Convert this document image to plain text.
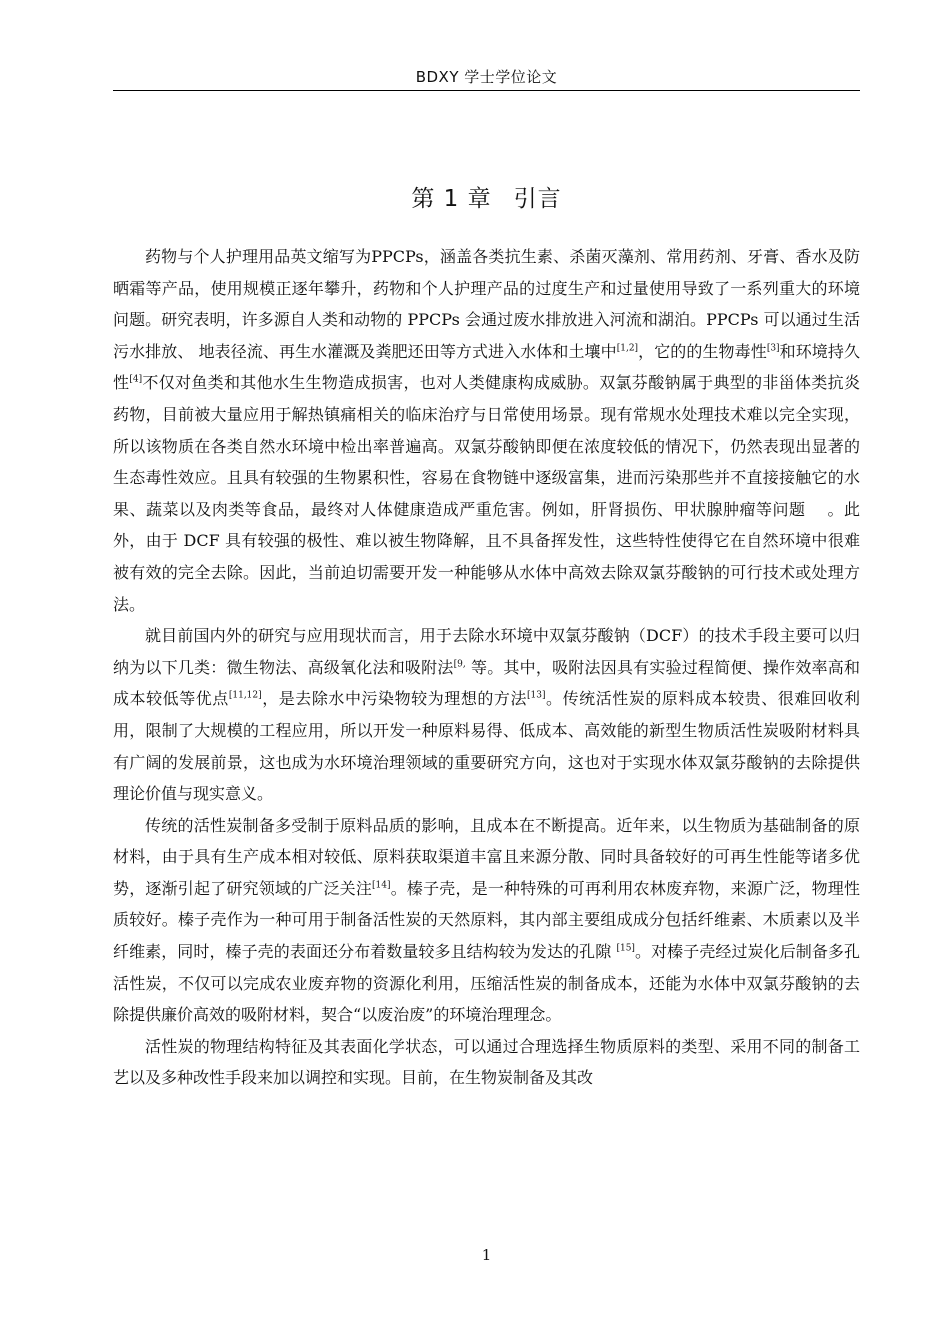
BDXY 学士学位论文
第 1 章 引言

药物与个人护理用品英文缩写为PPCPs，涵盖各类抗生素、杀菌灭藻剂、常用药剂、牙膏、香水及防晒霜等产品，使用规模正逐年攀升，药物和个人护理产品的过度生产和过量使用导致了一系列重大的环境问题。研究表明，许多源自人类和动物的 PPCPs 会通过废水排放进入河流和湖泊。PPCPs 可以通过生活污水排放、 地表径流、再生水灌溉及粪肥还田等方式进入水体和土壤中[1,2]，它的的生物毒性[3]和环境持久性[4]不仅对鱼类和其他水生生物造成损害，也对人类健康构成威胁。双氯芬酸钠属于典型的非甾体类抗炎药物，目前被大量应用于解热镇痛相关的临床治疗与日常使用场景。现有常规水处理技术难以完全实现，所以该物质在各类自然水环境中检出率普遍高。双氯芬酸钠即便在浓度较低的情况下，仍然表现出显著的生态毒性效应。且具有较强的生物累积性，容易在食物链中逐级富集，进而污染那些并不直接接触它的水果、蔬菜以及肉类等食品，最终对人体健康造成严重危害。例如，肝肾损伤、甲状腺肿瘤等问题 　。此外，由于 DCF 具有较强的极性、难以被生物降解，且不具备挥发性，这些特性使得它在自然环境中很难被有效的完全去除。因此，当前迫切需要开发一种能够从水体中高效去除双氯芬酸钠的可行技术或处理方法。

就目前国内外的研究与应用现状而言，用于去除水环境中双氯芬酸钠（DCF）的技术手段主要可以归纳为以下几类：微生物法、高级氧化法和吸附法$^{[9,}$ 等。其中，吸附法因具有实验过程简便、操作效率高和成本较低等优点[11,12]，是去除水中污染物较为理想的方法[13]。传统活性炭的原料成本较贵、很难回收利用，限制了大规模的工程应用，所以开发一种原料易得、低成本、高效能的新型生物质活性炭吸附材料具有广阔的发展前景，这也成为水环境治理领域的重要研究方向，这也对于实现水体双氯芬酸钠的去除提供理论价值与现实意义。

传统的活性炭制备多受制于原料品质的影响，且成本在不断提高。近年来，以生物质为基础制备的原材料，由于具有生产成本相对较低、原料获取渠道丰富且来源分散、同时具备较好的可再生性能等诸多优势，逐渐引起了研究领域的广泛关注[14]。榛子壳，是一种特殊的可再利用农林废弃物，来源广泛，物理性质较好。榛子壳作为一种可用于制备活性炭的天然原料，其内部主要组成成分包括纤维素、木质素以及半纤维素，同时，榛子壳的表面还分布着数量较多且结构较为发达的孔隙 [15]。对榛子壳经过炭化后制备多孔活性炭，不仅可以完成农业废弃物的资源化利用，压缩活性炭的制备成本，还能为水体中双氯芬酸钠的去除提供廉价高效的吸附材料，契合“以废治废”的环境治理理念。

活性炭的物理结构特征及其表面化学状态，可以通过合理选择生物质原料的类型、采用不同的制备工艺以及多种改性手段来加以调控和实现。目前，在生物炭制备及其改

1
